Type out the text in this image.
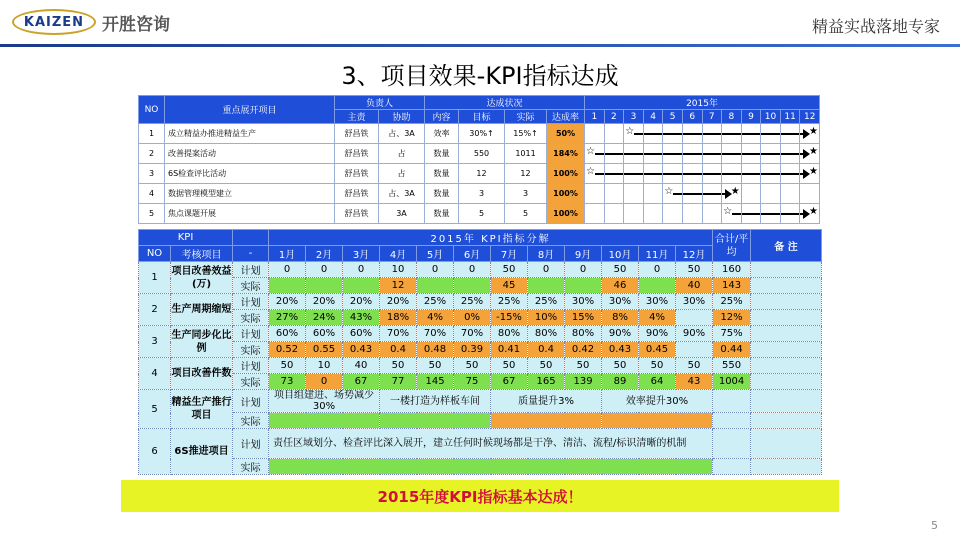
KAIZEN	开胜咨询	精益实战落地专家
3、项目效果-KPI指标达成
NO	重点展开项目	负责人		达成状况				2015年											
		主责	协助	内容	目标	实际	达成率	1	2	3	4	5	6	7	8	9	10	11	12
1	成立精益办推进精益生产	舒昌铁	占、3A	效率	30%↑	15%↑	50%			☆									★

2	改善提案活动	舒昌铁	占	数量	550	1011	184%	☆											★

3	6S检查评比活动	舒昌铁	占	数量	12	12	100%	☆											★

4	数据管理模型建立	舒昌铁	占、3A	数量	3	3	100%					☆			★				

5	焦点课题开展	舒昌铁	3A	数量	5	5	100%								☆				★
KPI			2015年 KPI指标分解												合计/平均	备 注
NO	考核项目	-	1月	2月	3月	4月	5月	6月	7月	8月	9月	10月	11月	12月		
1	项目改善效益(万)	计划	0	0	0	10	0	0	50	0	0	50	0	50	160	
		实际				12			45			46		40	143	
2	生产周期缩短	计划	20%	20%	20%	20%	25%	25%	25%	25%	30%	30%	30%	30%	25%	
		实际	27%	24%	43%	18%	4%	0%	-15%	10%	15%	8%	4%		12%	
3	生产同步化比例	计划	60%	60%	60%	70%	70%	70%	80%	80%	80%	90%	90%	90%	75%	
		实际	0.52	0.55	0.43	0.4	0.48	0.39	0.41	0.4	0.42	0.43	0.45		0.44	
4	项目改善件数	计划	50	10	40	50	50	50	50	50	50	50	50	50	550	
		实际	73	0	67	77	145	75	67	165	139	89	64	43	1004	
5	精益生产推行项目	计划	项目组建进、场势减少30%			一楼打造为样板车间			质量提升3%			效率提升30%				
		实际														
6	6S推进项目	计划	责任区域划分、检查评比深入展开，建立任何时候现场都是干净、清洁、流程/标识清晰的机制													
		实际														
2015年度KPI指标基本达成！
5
